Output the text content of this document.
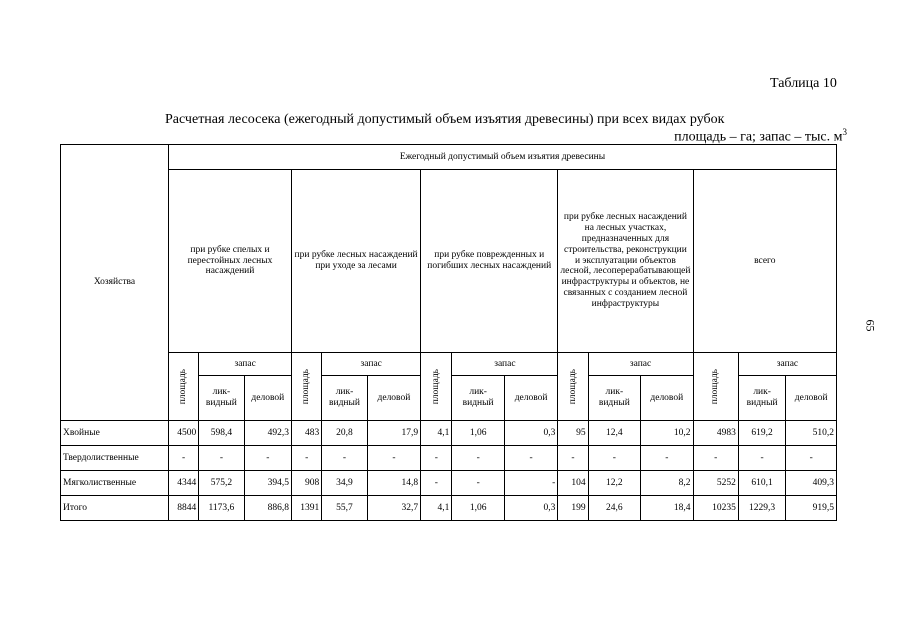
Таблица 10
Расчетная лесосека (ежегодный допустимый объем изъятия древесины) при всех видах рубок
площадь – га; запас – тыс. $м^3$
65
Хозяйства	Ежегодный допустимый объем изъятия древесины														
	при рубке спелых и перестойных лесных насаждений			при рубке лесных насаждений при уходе за лесами			при рубке поврежденных и погибших лесных насаждений			при рубке лесных насаждений на лесных участках, предназначенных для строительства, реконструкции и эксплуатации объектов лесной, лесоперерабатывающей инфраструктуры и объектов, не связанных с созданием лесной инфраструктуры			всего		

	площадь	запас		площадь	запас		площадь	запас		площадь	запас		площадь	запас	
		лик-видный	деловой		лик-видный	деловой		лик-видный	деловой		лик-видный	деловой		лик-видный	деловой
Хвойные	4500	598,4	492,3	483	20,8	17,9	4,1	1,06	0,3	95	12,4	10,2	4983	619,2	510,2
Твердолиственные	-	-	-	-	-	-	-	-	-	-	-	-	-	-	-
Мягколиственные	4344	575,2	394,5	908	34,9	14,8	-	-	-	104	12,2	8,2	5252	610,1	409,3
Итого	8844	1173,6	886,8	1391	55,7	32,7	4,1	1,06	0,3	199	24,6	18,4	10235	1229,3	919,5
